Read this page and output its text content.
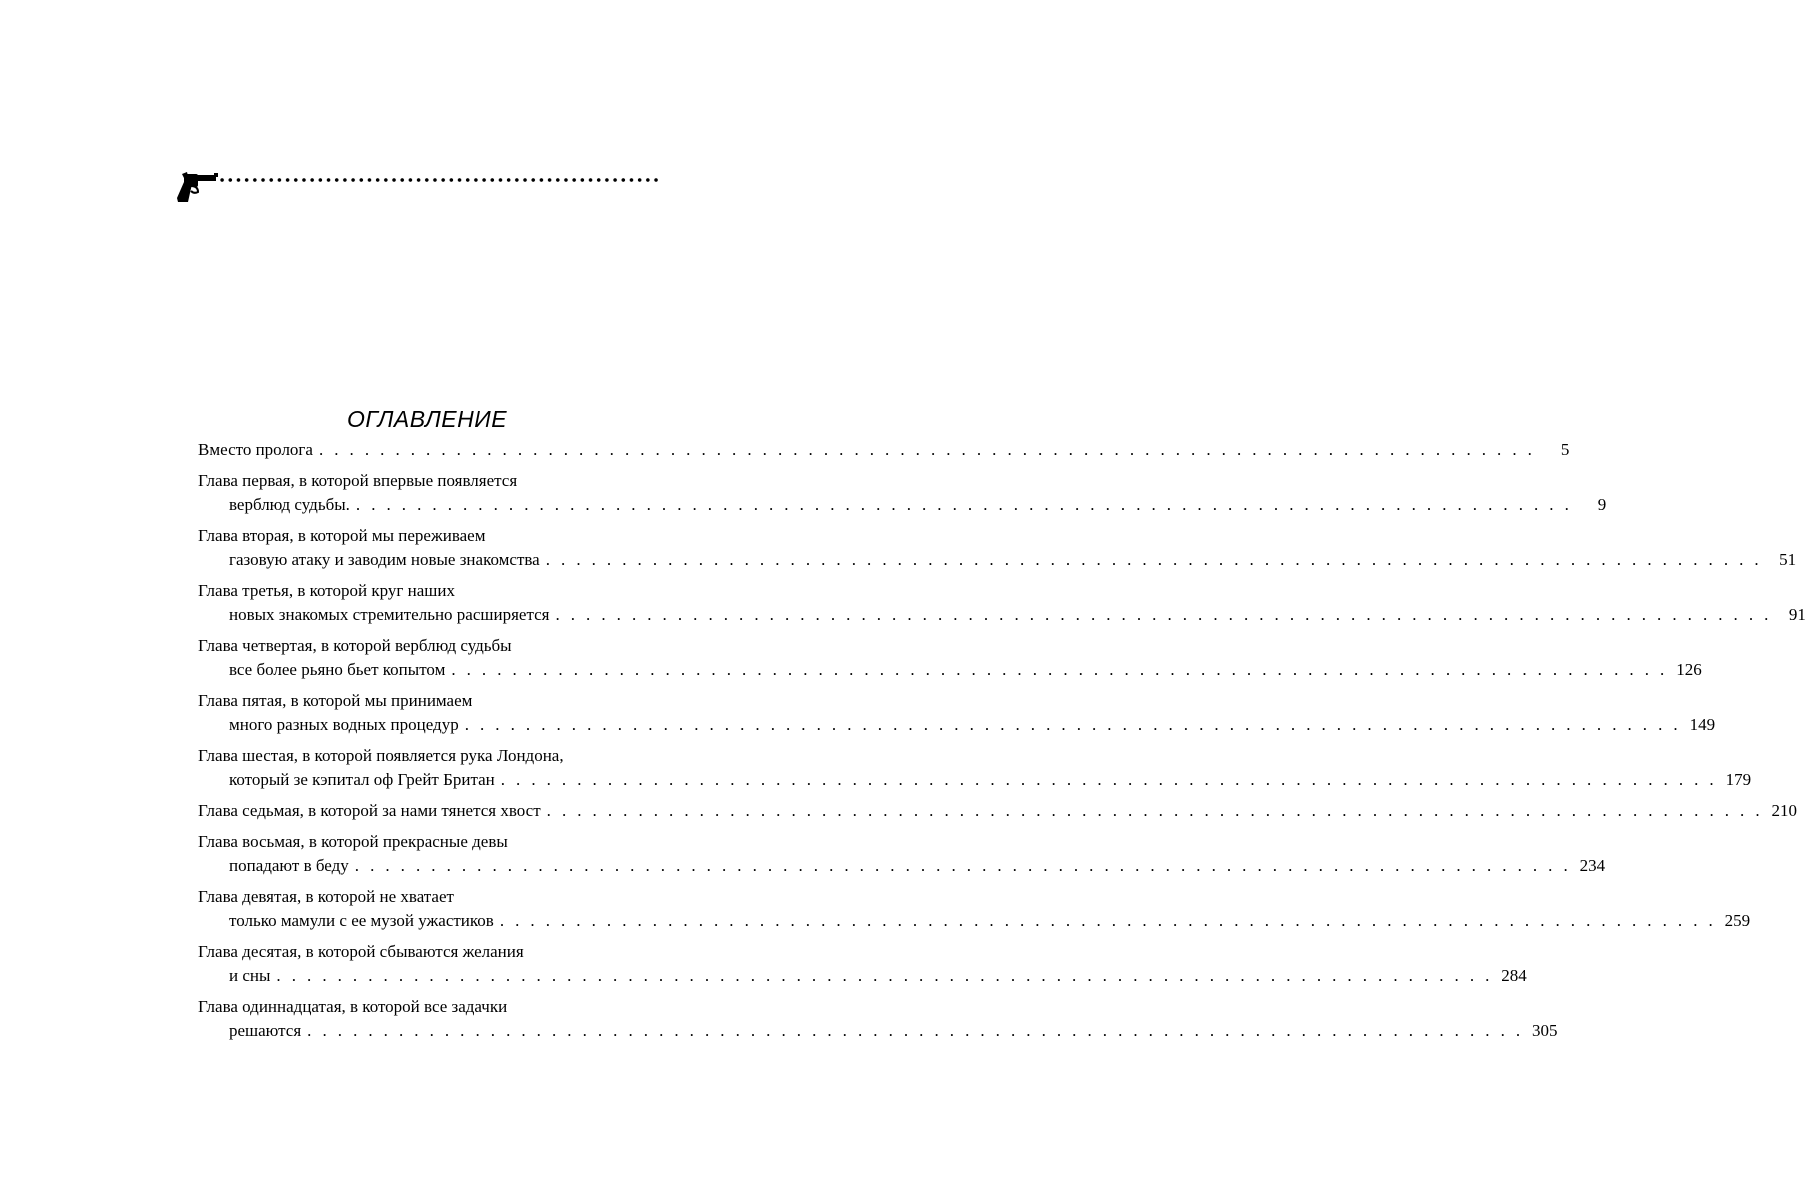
ОГЛАВЛЕНИЕ
Вместо пролога . . . . . . . . . . . . . . . . . . . . . . . . . . . . . . . . . . . . . . . . . . . . . . . . . . . . . . . . . . . . . . . . . . . . . . . . . . . . . . . .	5
Глава первая, в которой впервые появляется
верблюд судьбы. . . . . . . . . . . . . . . . . . . . . . . . . . . . . . . . . . . . . . . . . . . . . . . . . . . . . . . . . . . . . . . . . . . . . . . . . . . . . . . . .	9
Глава вторая, в которой мы переживаем
газовую атаку и заводим новые знакомства . . . . . . . . . . . . . . . . . . . . . . . . . . . . . . . . . . . . . . . . . . . . . . . . . . . . . . . . . . . . . . . . . . . . . . . . . . . . . . . .	51
Глава третья, в которой круг наших
новых знакомых стремительно расширяется . . . . . . . . . . . . . . . . . . . . . . . . . . . . . . . . . . . . . . . . . . . . . . . . . . . . . . . . . . . . . . . . . . . . . . . . . . . . . . . .	91
Глава четвертая, в которой верблюд судьбы
все более рьяно бьет копытом . . . . . . . . . . . . . . . . . . . . . . . . . . . . . . . . . . . . . . . . . . . . . . . . . . . . . . . . . . . . . . . . . . . . . . . . . . . . . . . . 126
Глава пятая, в которой мы принимаем
много разных водных процедур . . . . . . . . . . . . . . . . . . . . . . . . . . . . . . . . . . . . . . . . . . . . . . . . . . . . . . . . . . . . . . . . . . . . . . . . . . . . . . . . 149
Глава шестая, в которой появляется рука Лондона,
который зе кэпитал оф Грейт Британ . . . . . . . . . . . . . . . . . . . . . . . . . . . . . . . . . . . . . . . . . . . . . . . . . . . . . . . . . . . . . . . . . . . . . . . . . . . . . . . . 179
Глава седьмая, в которой за нами тянется хвост . . . . . . . . . . . . . . . . . . . . . . . . . . . . . . . . . . . . . . . . . . . . . . . . . . . . . . . . . . . . . . . . . . . . . . . . . . . . . . . . 210
Глава восьмая, в которой прекрасные девы
попадают в беду . . . . . . . . . . . . . . . . . . . . . . . . . . . . . . . . . . . . . . . . . . . . . . . . . . . . . . . . . . . . . . . . . . . . . . . . . . . . . . . . 234
Глава девятая, в которой не хватает
только мамули с ее музой ужастиков . . . . . . . . . . . . . . . . . . . . . . . . . . . . . . . . . . . . . . . . . . . . . . . . . . . . . . . . . . . . . . . . . . . . . . . . . . . . . . . . 259
Глава десятая, в которой сбываются желания
и сны . . . . . . . . . . . . . . . . . . . . . . . . . . . . . . . . . . . . . . . . . . . . . . . . . . . . . . . . . . . . . . . . . . . . . . . . . . . . . . . . 284
Глава одиннадцатая, в которой все задачки
решаются . . . . . . . . . . . . . . . . . . . . . . . . . . . . . . . . . . . . . . . . . . . . . . . . . . . . . . . . . . . . . . . . . . . . . . . . . . . . . . . . 305
